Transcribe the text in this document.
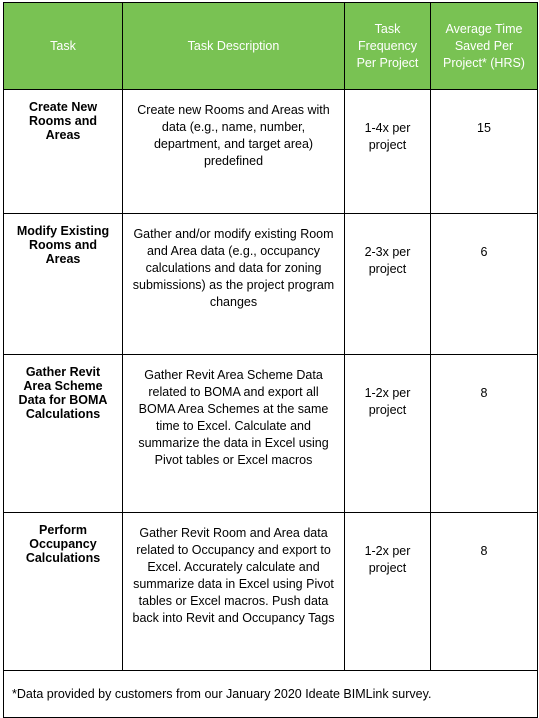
Task	Task Description	Task Frequency Per Project	Average Time Saved Per Project* (HRS)
Create New Rooms and Areas	Create new Rooms and Areas with data (e.g., name, number, department, and target area) predefined	1-4x per project	15
Modify Existing Rooms and Areas	Gather and/or modify existing Room and Area data (e.g., occupancy calculations and data for zoning submissions) as the project program changes	2-3x per project	6
Gather Revit Area Scheme Data for BOMA Calculations	Gather Revit Area Scheme Data related to BOMA and export all BOMA Area Schemes at the same time to Excel. Calculate and summarize the data in Excel using Pivot tables or Excel macros	1-2x per project	8
Perform Occupancy Calculations	Gather Revit Room and Area data related to Occupancy and export to Excel. Accurately calculate and summarize data in Excel using Pivot tables or Excel macros. Push data back into Revit and Occupancy Tags	1-2x per project	8
*Data provided by customers from our January 2020 Ideate BIMLink survey.			
